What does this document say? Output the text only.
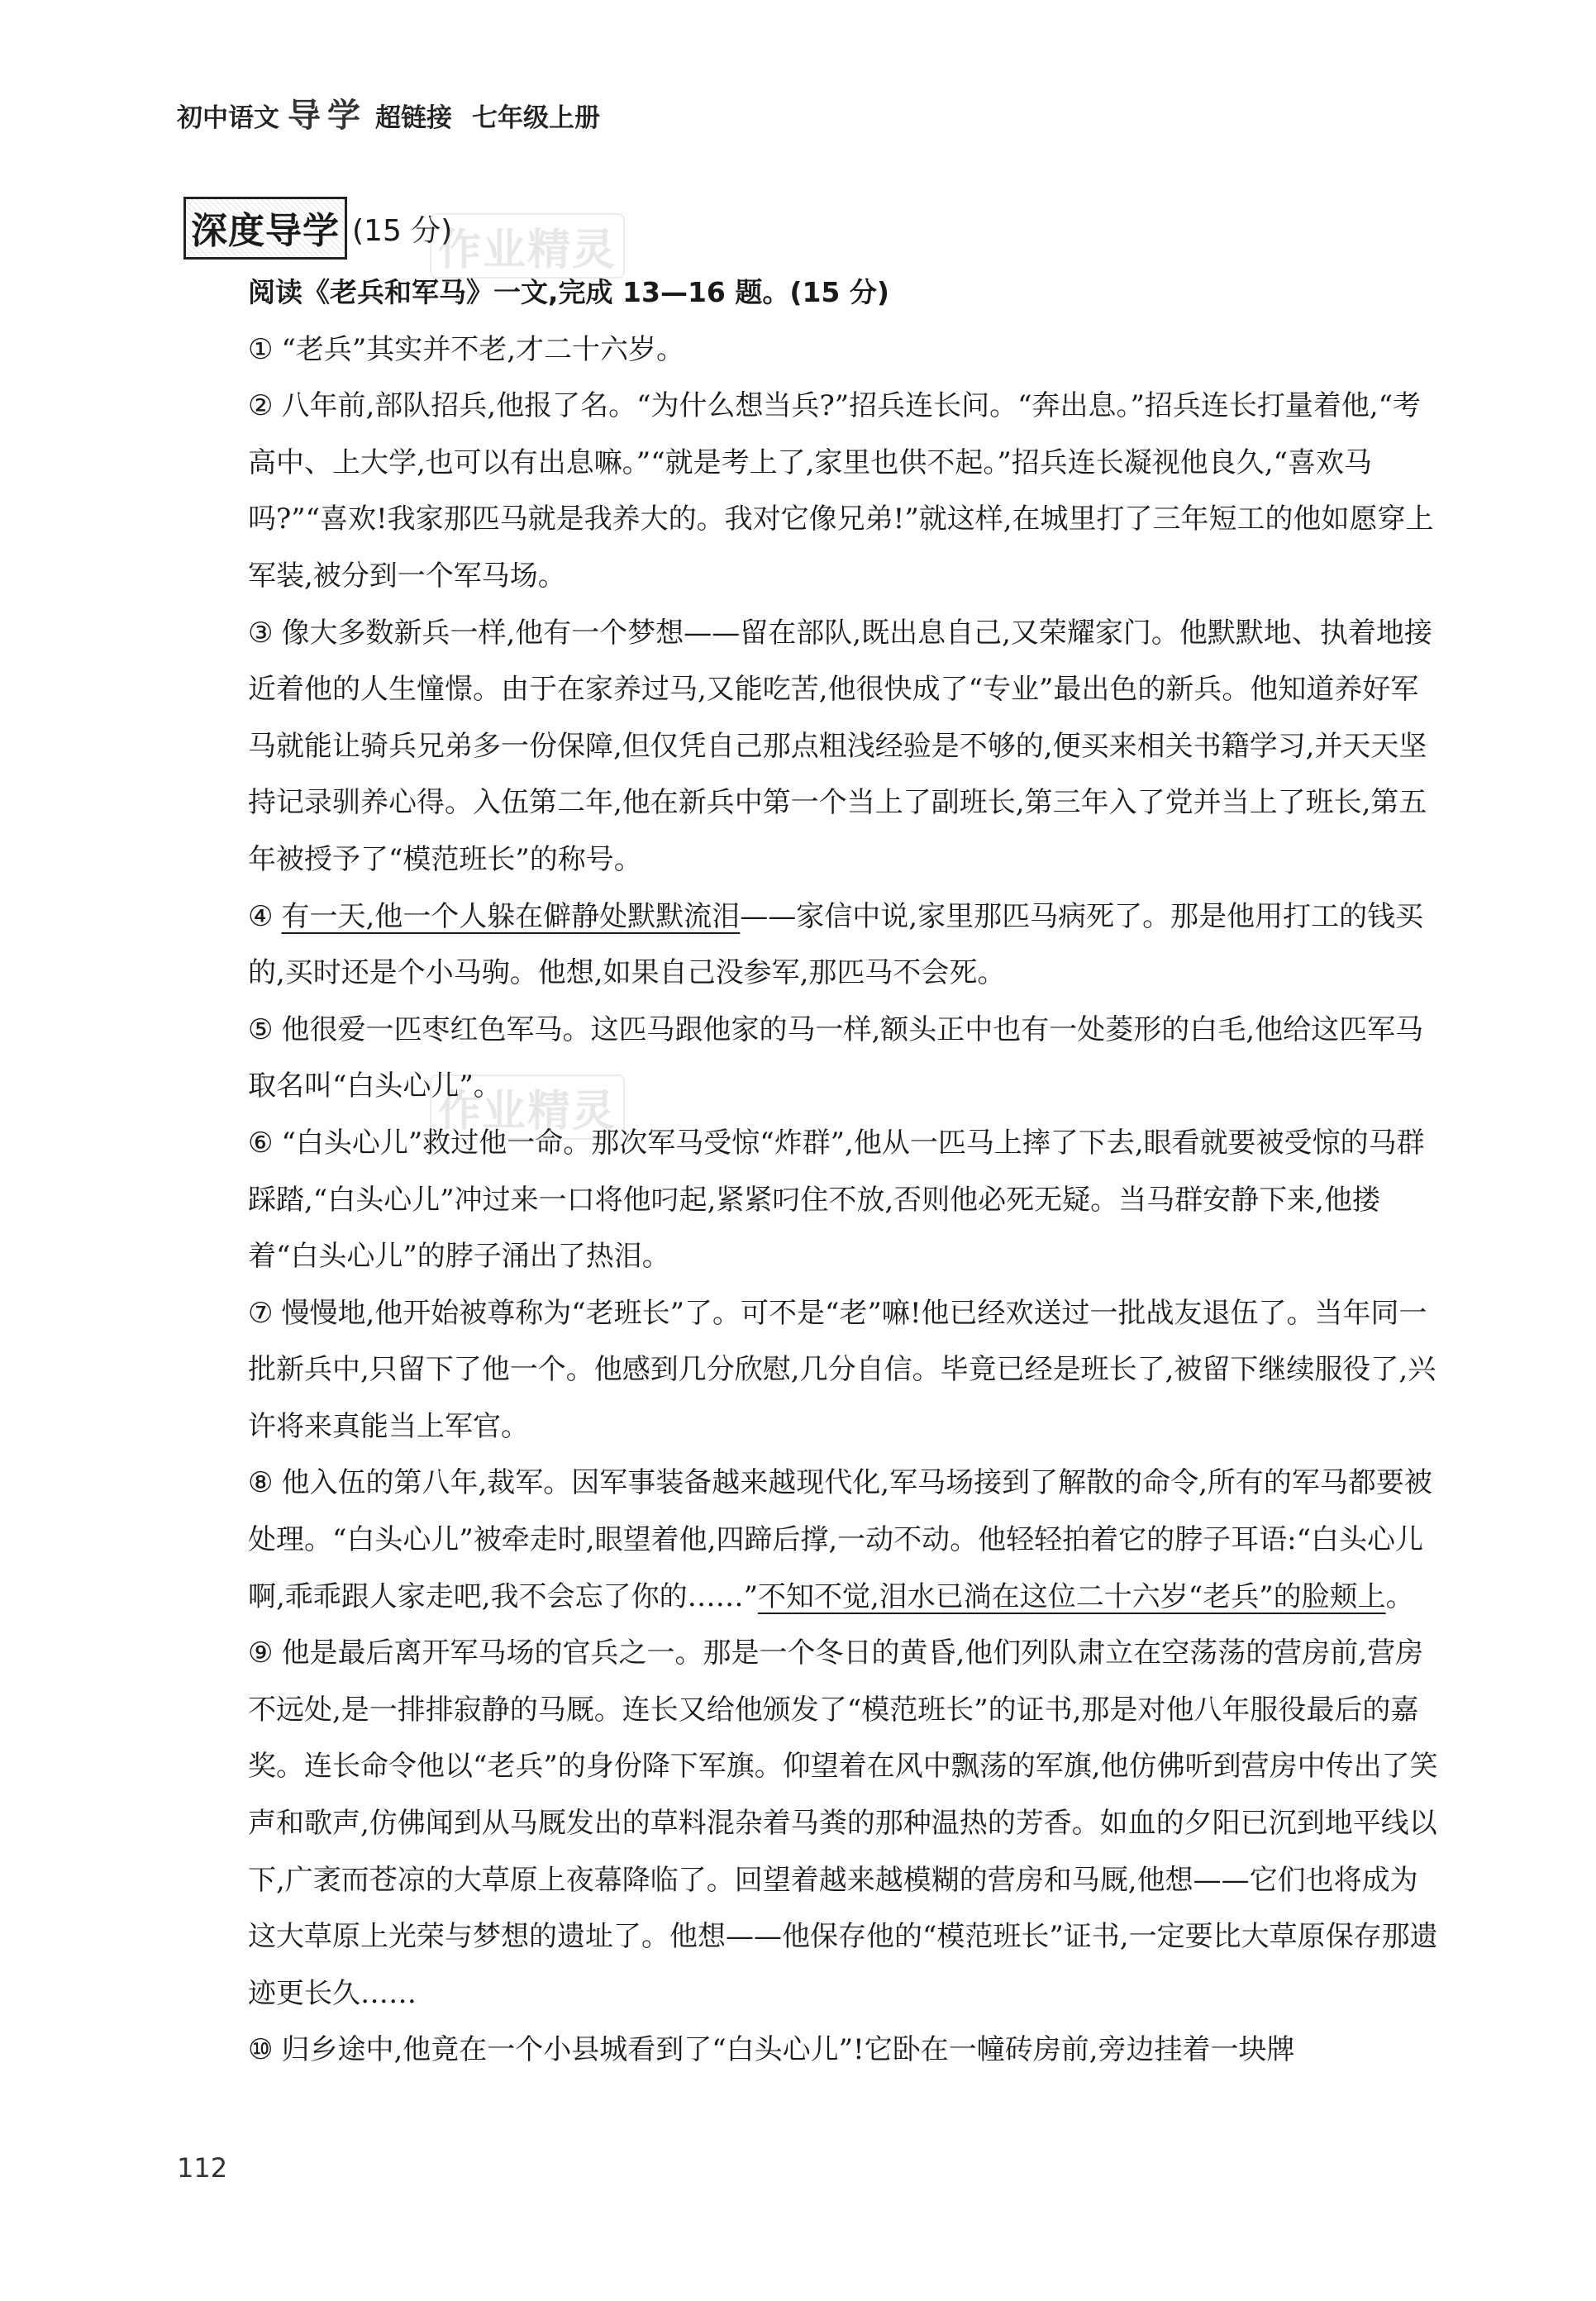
初中语文 导 学 超链接 七年级上册
深度导学 (15 分)
作业精灵
作业精灵

阅读《老兵和军马》一文,完成 13—16 题。(15 分)

① “老兵”其实并不老,才二十六岁。

② 八年前,部队招兵,他报了名。“为什么想当兵?”招兵连长问。“奔出息。”招兵连长打量着他,“考高中、上大学,也可以有出息嘛。”“就是考上了,家里也供不起。”招兵连长凝视他良久,“喜欢马吗?”“喜欢!我家那匹马就是我养大的。我对它像兄弟!”就这样,在城里打了三年短工的他如愿穿上军装,被分到一个军马场。

③ 像大多数新兵一样,他有一个梦想——留在部队,既出息自己,又荣耀家门。他默默地、执着地接近着他的人生憧憬。由于在家养过马,又能吃苦,他很快成了“专业”最出色的新兵。他知道养好军马就能让骑兵兄弟多一份保障,但仅凭自己那点粗浅经验是不够的,便买来相关书籍学习,并天天坚持记录驯养心得。入伍第二年,他在新兵中第一个当上了副班长,第三年入了党并当上了班长,第五年被授予了“模范班长”的称号。

④ 有一天,他一个人躲在僻静处默默流泪——家信中说,家里那匹马病死了。那是他用打工的钱买的,买时还是个小马驹。他想,如果自己没参军,那匹马不会死。

⑤ 他很爱一匹枣红色军马。这匹马跟他家的马一样,额头正中也有一处菱形的白毛,他给这匹军马取名叫“白头心儿”。

⑥ “白头心儿”救过他一命。那次军马受惊“炸群”,他从一匹马上摔了下去,眼看就要被受惊的马群踩踏,“白头心儿”冲过来一口将他叼起,紧紧叼住不放,否则他必死无疑。当马群安静下来,他搂着“白头心儿”的脖子涌出了热泪。

⑦ 慢慢地,他开始被尊称为“老班长”了。可不是“老”嘛!他已经欢送过一批战友退伍了。当年同一批新兵中,只留下了他一个。他感到几分欣慰,几分自信。毕竟已经是班长了,被留下继续服役了,兴许将来真能当上军官。

⑧ 他入伍的第八年,裁军。因军事装备越来越现代化,军马场接到了解散的命令,所有的军马都要被处理。“白头心儿”被牵走时,眼望着他,四蹄后撑,一动不动。他轻轻拍着它的脖子耳语:“白头心儿啊,乖乖跟人家走吧,我不会忘了你的……”不知不觉,泪水已淌在这位二十六岁“老兵”的脸颊上。

⑨ 他是最后离开军马场的官兵之一。那是一个冬日的黄昏,他们列队肃立在空荡荡的营房前,营房不远处,是一排排寂静的马厩。连长又给他颁发了“模范班长”的证书,那是对他八年服役最后的嘉奖。连长命令他以“老兵”的身份降下军旗。仰望着在风中飘荡的军旗,他仿佛听到营房中传出了笑声和歌声,仿佛闻到从马厩发出的草料混杂着马粪的那种温热的芳香。如血的夕阳已沉到地平线以下,广袤而苍凉的大草原上夜幕降临了。回望着越来越模糊的营房和马厩,他想——它们也将成为这大草原上光荣与梦想的遗址了。他想——他保存他的“模范班长”证书,一定要比大草原保存那遗迹更长久……

⑩ 归乡途中,他竟在一个小县城看到了“白头心儿”!它卧在一幢砖房前,旁边挂着一块牌

112
